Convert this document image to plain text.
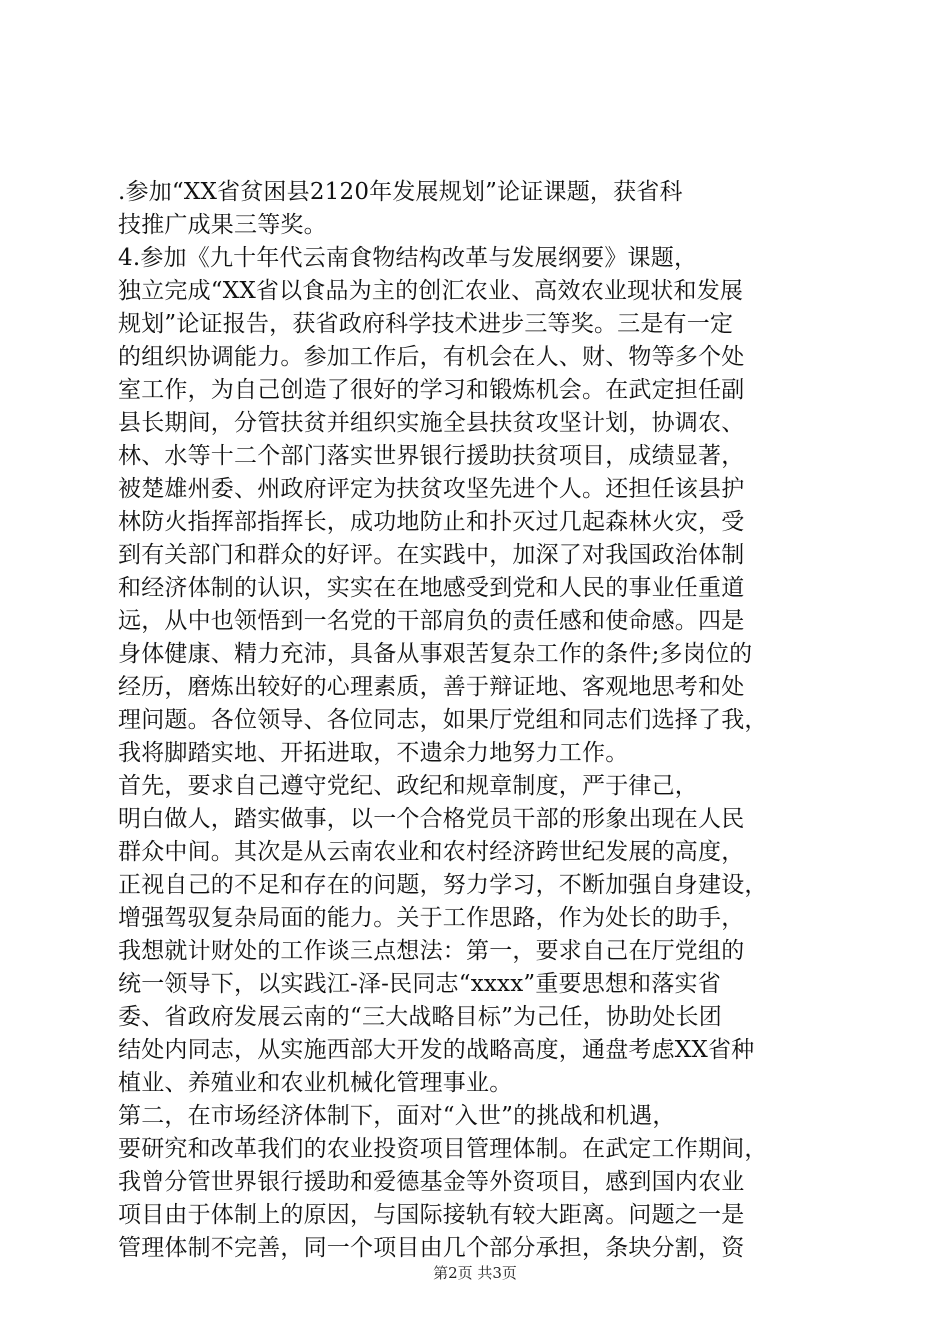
.参加“XX省贫困县2120年发展规划”论证课题，获省科
技推广成果三等奖。
4.参加《九十年代云南食物结构改革与发展纲要》课题，
独立完成“XX省以食品为主的创汇农业、高效农业现状和发展
规划”论证报告，获省政府科学技术进步三等奖。三是有一定
的组织协调能力。参加工作后，有机会在人、财、物等多个处
室工作，为自己创造了很好的学习和锻炼机会。在武定担任副
县长期间，分管扶贫并组织实施全县扶贫攻坚计划，协调农、
林、水等十二个部门落实世界银行援助扶贫项目，成绩显著，
被楚雄州委、州政府评定为扶贫攻坚先进个人。还担任该县护
林防火指挥部指挥长，成功地防止和扑灭过几起森林火灾，受
到有关部门和群众的好评。在实践中，加深了对我国政治体制
和经济体制的认识，实实在在地感受到党和人民的事业任重道
远，从中也领悟到一名党的干部肩负的责任感和使命感。四是
身体健康、精力充沛，具备从事艰苦复杂工作的条件;多岗位的
经历，磨炼出较好的心理素质，善于辩证地、客观地思考和处
理问题。各位领导、各位同志，如果厅党组和同志们选择了我，
我将脚踏实地、开拓进取，不遗余力地努力工作。
首先，要求自己遵守党纪、政纪和规章制度，严于律己，
明白做人，踏实做事，以一个合格党员干部的形象出现在人民
群众中间。其次是从云南农业和农村经济跨世纪发展的高度，
正视自己的不足和存在的问题，努力学习，不断加强自身建设，
增强驾驭复杂局面的能力。关于工作思路，作为处长的助手，
我想就计财处的工作谈三点想法：第一，要求自己在厅党组的
统一领导下，以实践江-泽-民同志“xxxx”重要思想和落实省
委、省政府发展云南的“三大战略目标”为己任，协助处长团
结处内同志，从实施西部大开发的战略高度，通盘考虑XX省种
植业、养殖业和农业机械化管理事业。
第二，在市场经济体制下，面对“入世”的挑战和机遇，
要研究和改革我们的农业投资项目管理体制。在武定工作期间，
我曾分管世界银行援助和爱德基金等外资项目，感到国内农业
项目由于体制上的原因，与国际接轨有较大距离。问题之一是
管理体制不完善，同一个项目由几个部分承担，条块分割，资
第2页 共3页
